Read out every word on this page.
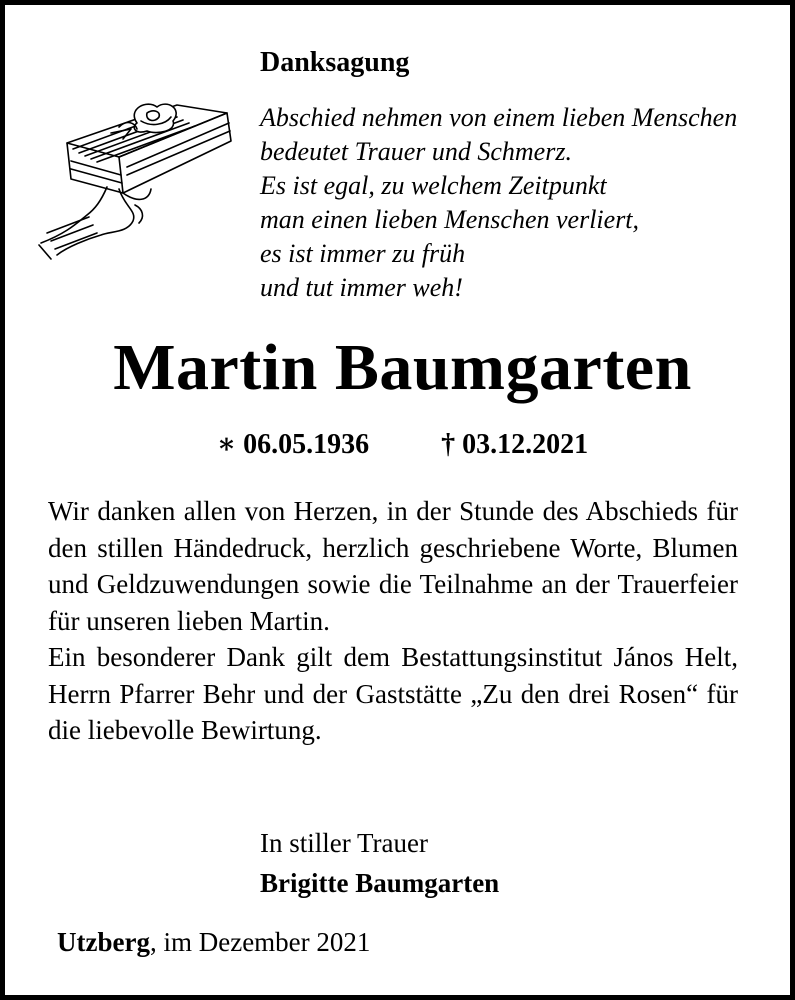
Danksagung
Abschied nehmen von einem lieben Menschen
bedeutet Trauer und Schmerz.
Es ist egal, zu welchem Zeitpunkt
man einen lieben Menschen verliert,
es ist immer zu früh
und tut immer weh!
Martin Baumgarten
∗ 06.05.1936	† 03.12.2021

Wir danken allen von Herzen, in der Stunde des Abschieds für den stillen Händedruck, herzlich geschriebene Worte, Blumen und Geldzuwendungen sowie die Teilnahme an der Trauerfeier für unseren lieben Martin.

Ein besonderer Dank gilt dem Bestattungsinstitut János Helt, Herrn Pfarrer Behr und der Gaststätte „Zu den drei Rosen“ für die liebevolle Bewirtung.

In stiller Trauer
Brigitte Baumgarten
Utzberg, im Dezember 2021
